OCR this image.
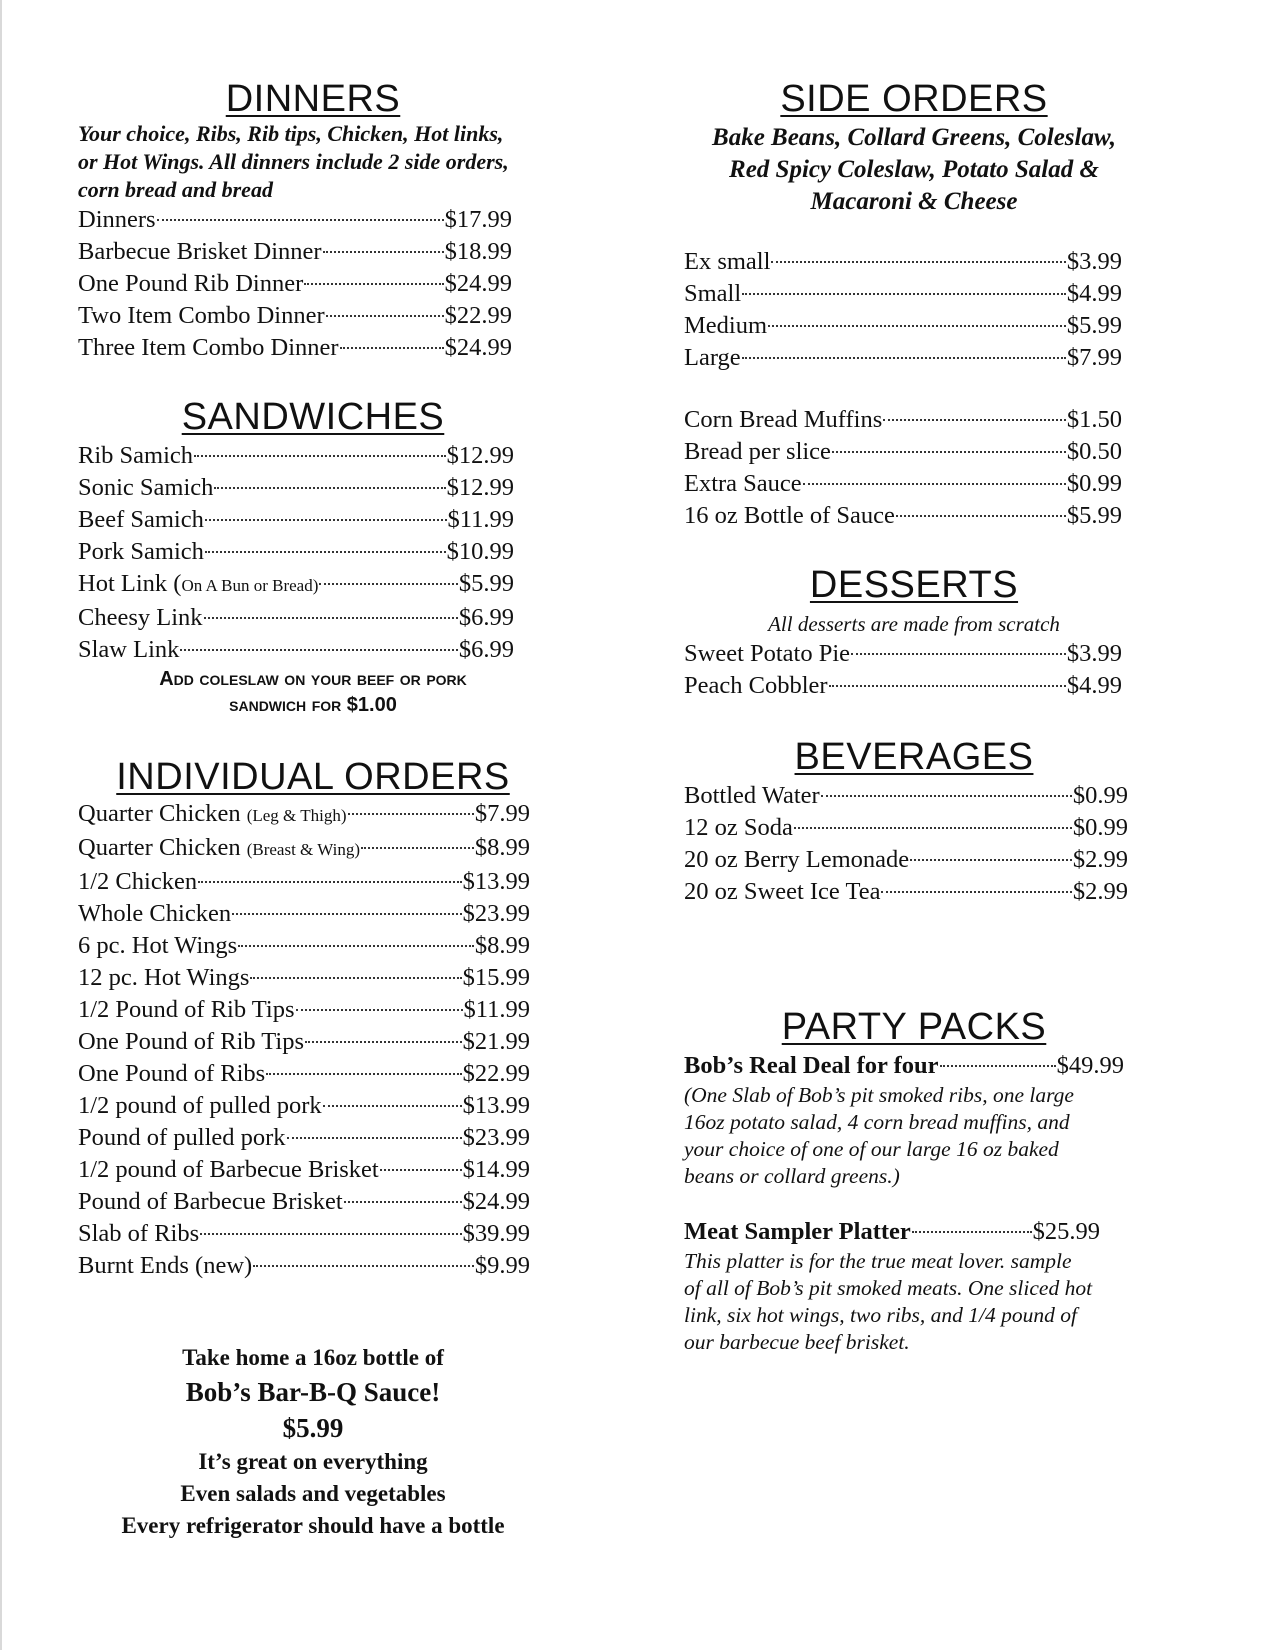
DINNERS

Your choice, Ribs, Rib tips, Chicken, Hot links,

or Hot Wings. All dinners include 2 side orders,

corn bread and bread

Dinners	$17.99
Barbecue Brisket Dinner	$18.99
One Pound Rib Dinner	$24.99
Two Item Combo Dinner	$22.99
Three Item Combo Dinner	$24.99
SANDWICHES
Rib Samich	$12.99
Sonic Samich	$12.99
Beef Samich	$11.99
Pork Samich	$10.99
Hot Link (On A Bun or Bread)	$5.99
Cheesy Link	$6.99
Slaw Link	$6.99

Add coleslaw on your beef or pork

sandwich for $1.00

INDIVIDUAL ORDERS
Quarter Chicken (Leg & Thigh)	$7.99
Quarter Chicken (Breast & Wing)	$8.99
1/2 Chicken	$13.99
Whole Chicken	$23.99
6 pc. Hot Wings	$8.99
12 pc. Hot Wings	$15.99
1/2 Pound of Rib Tips	$11.99
One Pound of Rib Tips	$21.99
One Pound of Ribs	$22.99
1/2 pound of pulled pork	$13.99
Pound of pulled pork	$23.99
1/2 pound of Barbecue Brisket	$14.99
Pound of Barbecue Brisket	$24.99
Slab of Ribs	$39.99
Burnt Ends (new)	$9.99

Take home a 16oz bottle of

Bob’s Bar-B-Q Sauce!

$5.99

It’s great on everything

Even salads and vegetables

Every refrigerator should have a bottle

SIDE ORDERS

Bake Beans, Collard Greens, Coleslaw,

Red Spicy Coleslaw, Potato Salad &

Macaroni & Cheese

Ex small	$3.99
Small	$4.99
Medium	$5.99
Large	$7.99
Corn Bread Muffins	$1.50
Bread per slice	$0.50
Extra Sauce	$0.99
16 oz Bottle of Sauce	$5.99
DESSERTS

All desserts are made from scratch

Sweet Potato Pie	$3.99
Peach Cobbler	$4.99
BEVERAGES
Bottled Water	$0.99
12 oz Soda	$0.99
20 oz Berry Lemonade	$2.99
20 oz Sweet Ice Tea	$2.99
PARTY PACKS
Bob’s Real Deal for four	$49.99

(One Slab of Bob’s pit smoked ribs, one large

16oz potato salad, 4 corn bread muffins, and

your choice of one of our large 16 oz baked

beans or collard greens.)

Meat Sampler Platter	$25.99

This platter is for the true meat lover. sample

of all of Bob’s pit smoked meats. One sliced hot

link, six hot wings, two ribs, and 1/4 pound of

our barbecue beef brisket.
